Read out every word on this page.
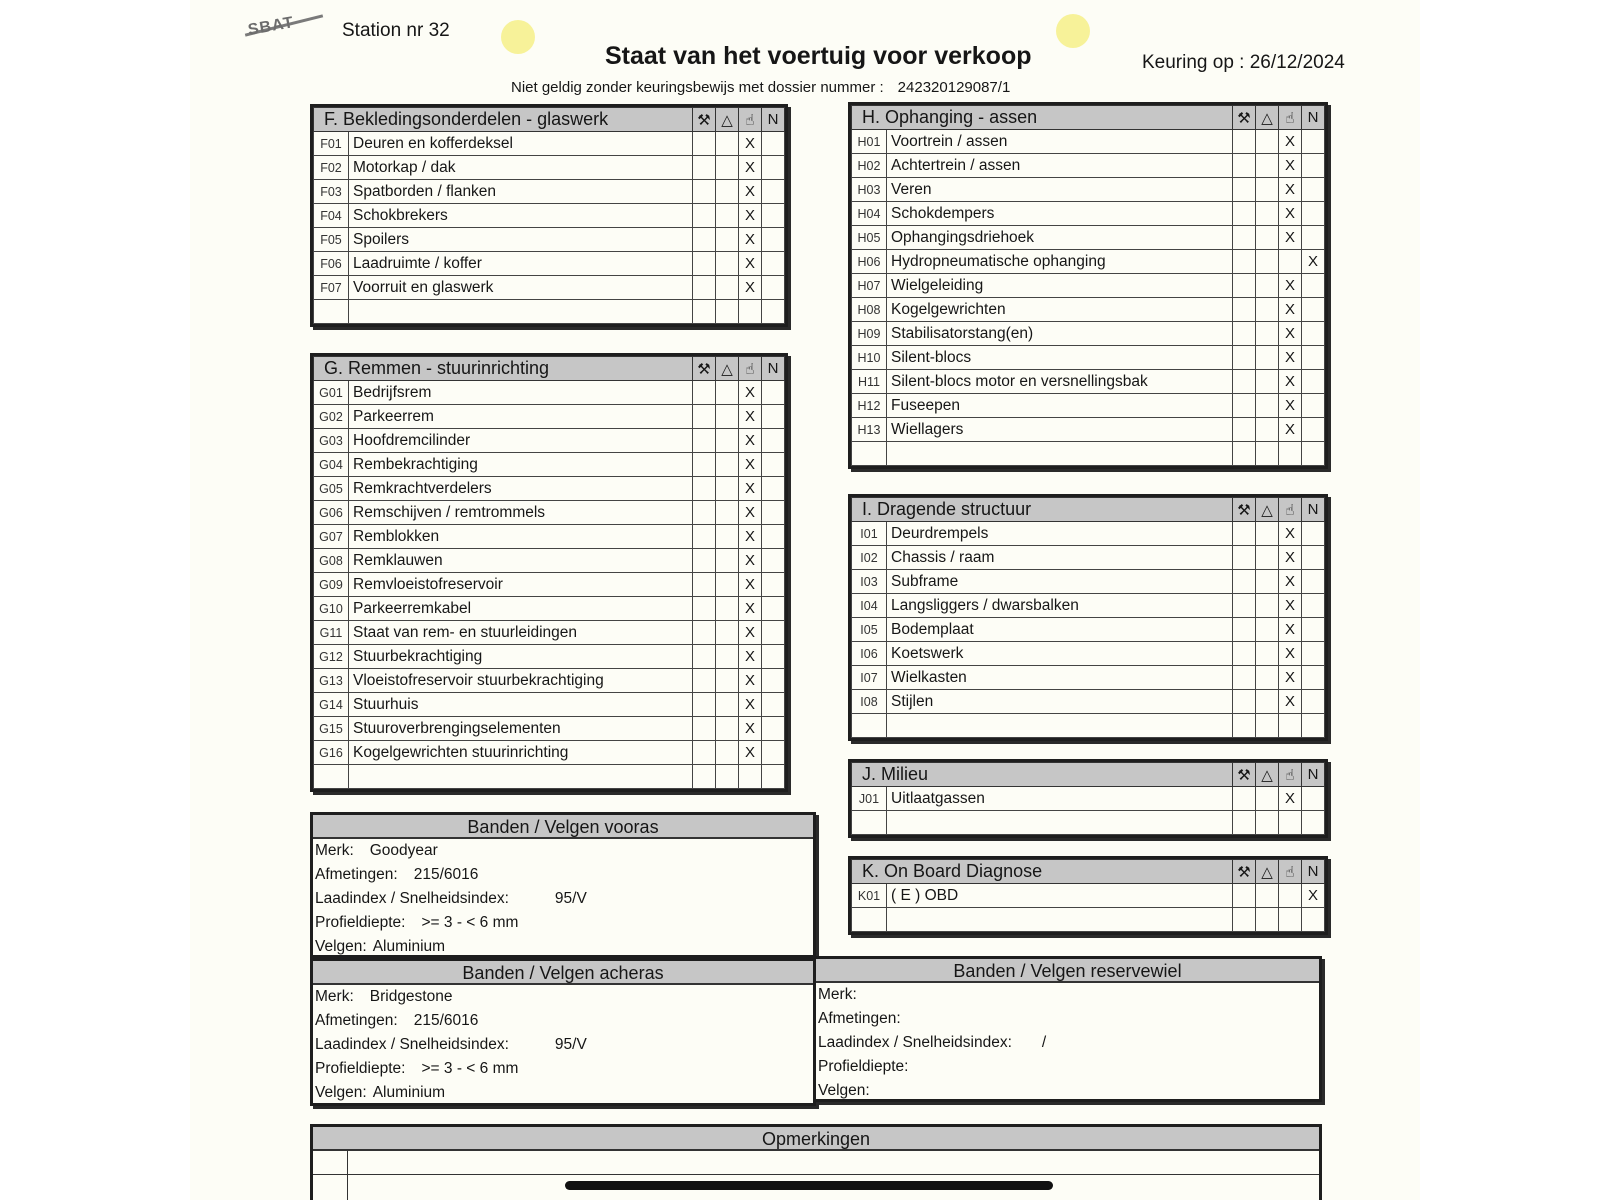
SBAT Station nr 32
Staat van het voertuig voor verkoop	Keuring op : 26/12/2024
Niet geldig zonder keuringsbewijs met dossier nummer : 242320129087/1
F. Bekledingsonderdelen - glaswerk		⚒	△	☝	N
F01	Deuren en kofferdeksel			X	
F02	Motorkap / dak			X	
F03	Spatborden / flanken			X	
F04	Schokbrekers			X	
F05	Spoilers			X	
F06	Laadruimte / koffer			X	
F07	Voorruit en glaswerk			X	

G. Remmen - stuurinrichting		⚒	△	☝	N
G01	Bedrijfsrem			X	
G02	Parkeerrem			X	
G03	Hoofdremcilinder			X	
G04	Rembekrachtiging			X	
G05	Remkrachtverdelers			X	
G06	Remschijven / remtrommels			X	
G07	Remblokken			X	
G08	Remklauwen			X	
G09	Remvloeistofreservoir			X	
G10	Parkeerremkabel			X	
G11	Staat van rem- en stuurleidingen			X	
G12	Stuurbekrachtiging			X	
G13	Vloeistofreservoir stuurbekrachtiging			X	
G14	Stuurhuis			X	
G15	Stuuroverbrengingselementen			X	
G16	Kogelgewrichten stuurinrichting			X	

H. Ophanging - assen		⚒	△	☝	N
H01	Voortrein / assen			X	
H02	Achtertrein / assen			X	
H03	Veren			X	
H04	Schokdempers			X	
H05	Ophangingsdriehoek			X	
H06	Hydropneumatische ophanging				X
H07	Wielgeleiding			X	
H08	Kogelgewrichten			X	
H09	Stabilisatorstang(en)			X	
H10	Silent-blocs			X	
H11	Silent-blocs motor en versnellingsbak			X	
H12	Fuseepen			X	
H13	Wiellagers			X	

I. Dragende structuur		⚒	△	☝	N
I01	Deurdrempels			X	
I02	Chassis / raam			X	
I03	Subframe			X	
I04	Langsliggers / dwarsbalken			X	
I05	Bodemplaat			X	
I06	Koetswerk			X	
I07	Wielkasten			X	
I08	Stijlen			X	

J. Milieu		⚒	△	☝	N
J01	Uitlaatgassen			X	

K. On Board Diagnose		⚒	△	☝	N
K01	( E ) OBD				X

Banden / Velgen vooras
Merk: Goodyear
Afmetingen: 215/6016
Laadindex / Snelheidsindex:	95/V
Profieldiepte: >= 3 - < 6 mm
Velgen: Aluminium
Banden / Velgen acheras
Merk: Bridgestone
Afmetingen: 215/6016
Laadindex / Snelheidsindex:	95/V
Profieldiepte: >= 3 - < 6 mm
Velgen: Aluminium
Banden / Velgen reservewiel
Merk:
Afmetingen:
Laadindex / Snelheidsindex: /
Profieldiepte:
Velgen:
Opmerkingen
